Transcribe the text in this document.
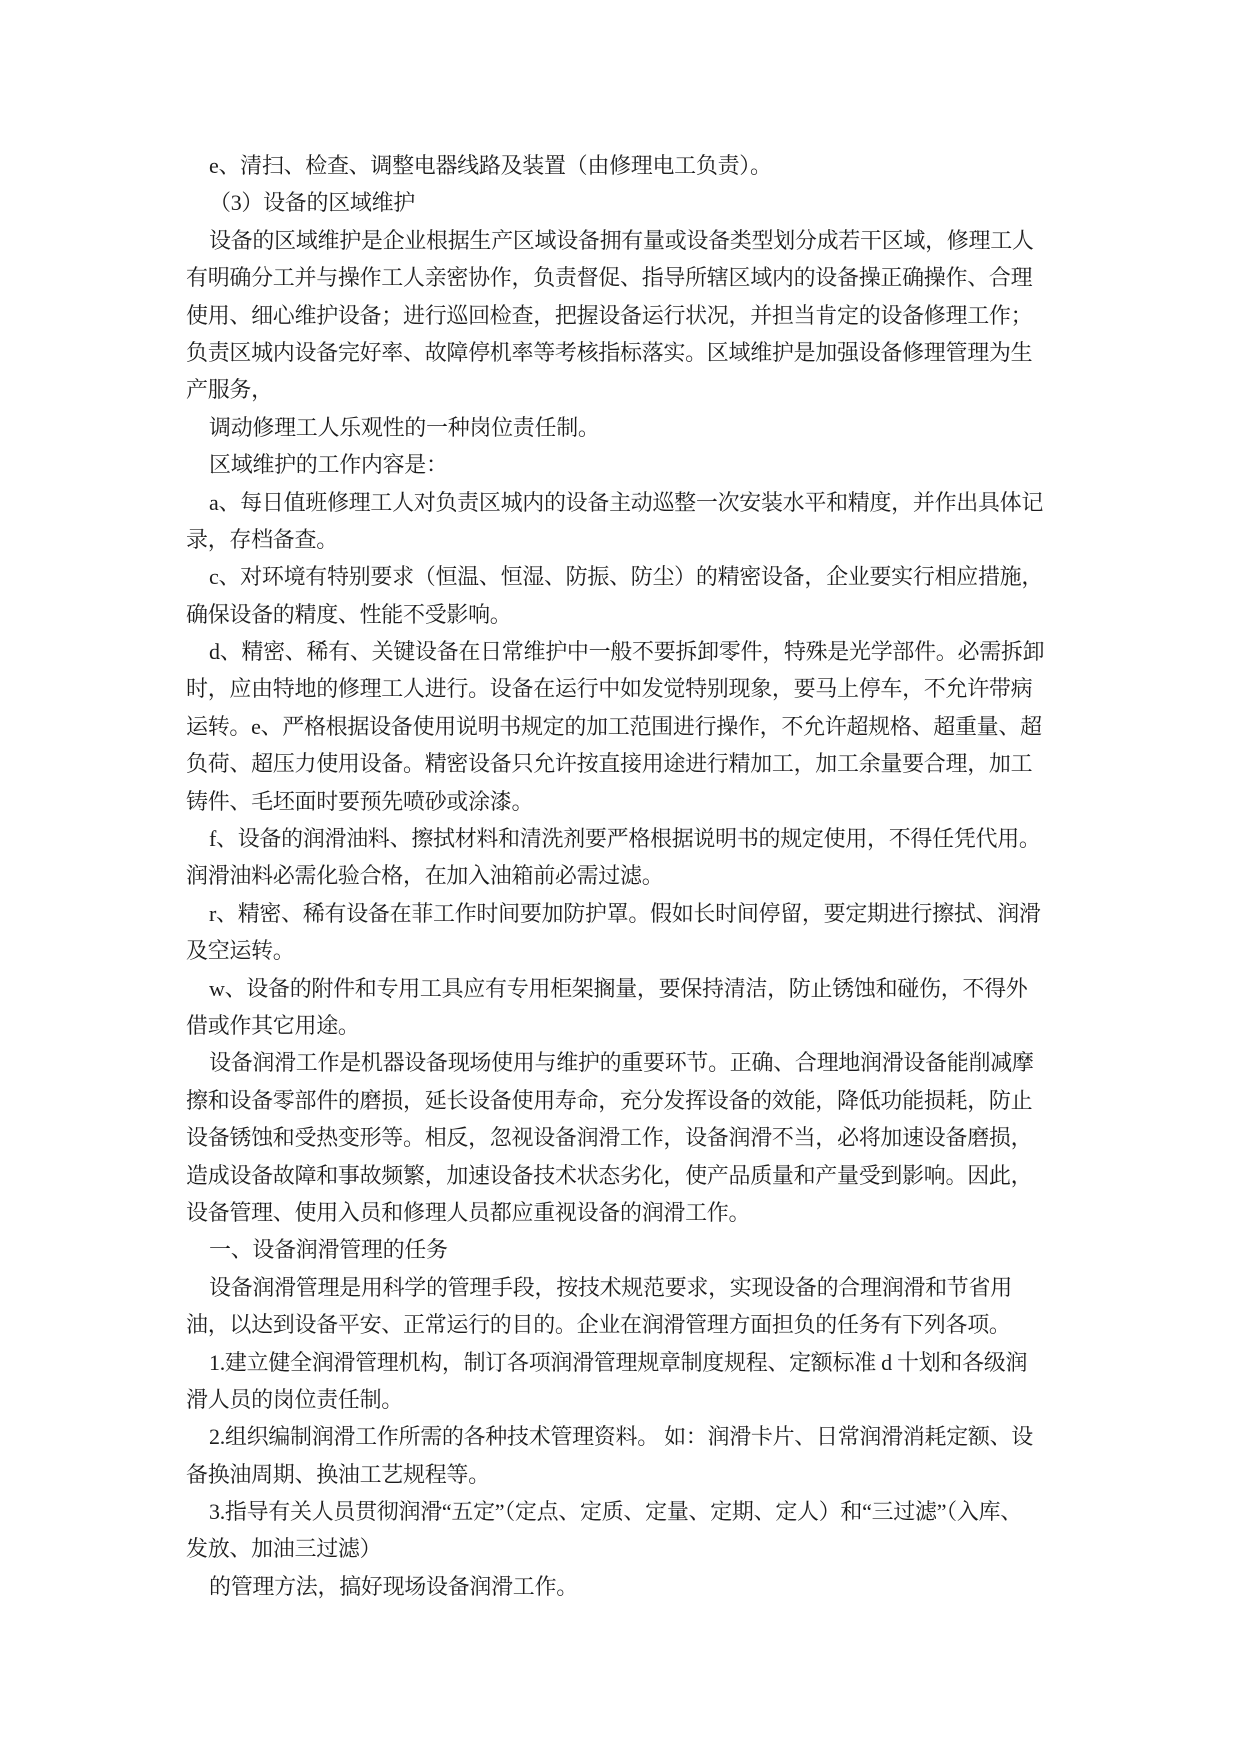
e、清扫、检查、调整电器线路及装置（由修理电工负责）。
（3）设备的区域维护
设备的区域维护是企业根据生产区域设备拥有量或设备类型划分成若干区域，修理工人
有明确分工并与操作工人亲密协作，负责督促、指导所辖区域内的设备操正确操作、合理
使用、细心维护设备；进行巡回检查，把握设备运行状况，并担当肯定的设备修理工作；
负责区城内设备完好率、故障停机率等考核指标落实。区域维护是加强设备修理管理为生
产服务，
调动修理工人乐观性的一种岗位责任制。
区域维护的工作内容是：
a、每日值班修理工人对负责区城内的设备主动巡整一次安装水平和精度，并作出具体记
录，存档备查。
c、对环境有特别要求（恒温、恒湿、防振、防尘）的精密设备，企业要实行相应措施，
确保设备的精度、性能不受影响。
d、精密、稀有、关键设备在日常维护中一般不要拆卸零件，特殊是光学部件。必需拆卸
时，应由特地的修理工人进行。设备在运行中如发觉特别现象，要马上停车，不允许带病
运转。e、严格根据设备使用说明书规定的加工范围进行操作，不允许超规格、超重量、超
负荷、超压力使用设备。精密设备只允许按直接用途进行精加工，加工余量要合理，加工
铸件、毛坯面时要预先喷砂或涂漆。
f、设备的润滑油料、擦拭材料和清洗剂要严格根据说明书的规定使用，不得任凭代用。
润滑油料必需化验合格，在加入油箱前必需过滤。
r、精密、稀有设备在菲工作时间要加防护罩。假如长时间停留，要定期进行擦拭、润滑
及空运转。
w、设备的附件和专用工具应有专用柜架搁量，要保持清洁，防止锈蚀和碰伤，不得外
借或作其它用途。
设备润滑工作是机器设备现场使用与维护的重要环节。正确、合理地润滑设备能削减摩
擦和设备零部件的磨损，延长设备使用寿命，充分发挥设备的效能，降低功能损耗，防止
设备锈蚀和受热变形等。相反，忽视设备润滑工作，设备润滑不当，必将加速设备磨损，
造成设备故障和事故频繁，加速设备技术状态劣化，使产品质量和产量受到影响。因此，
设备管理、使用入员和修理人员都应重视设备的润滑工作。
一、设备润滑管理的任务
设备润滑管理是用科学的管理手段，按技术规范要求，实现设备的合理润滑和节省用
油，以达到设备平安、正常运行的目的。企业在润滑管理方面担负的任务有下列各项。
1.建立健全润滑管理机构，制订各项润滑管理规章制度规程、定额标准 d 十划和各级润
滑人员的岗位责任制。
2.组织编制润滑工作所需的各种技术管理资料。 如：润滑卡片、日常润滑消耗定额、设
备换油周期、换油工艺规程等。
3.指导有关人员贯彻润滑“五定”（定点、定质、定量、定期、定人）和“三过滤”（入库、
发放、加油三过滤）
的管理方法，搞好现场设备润滑工作。
